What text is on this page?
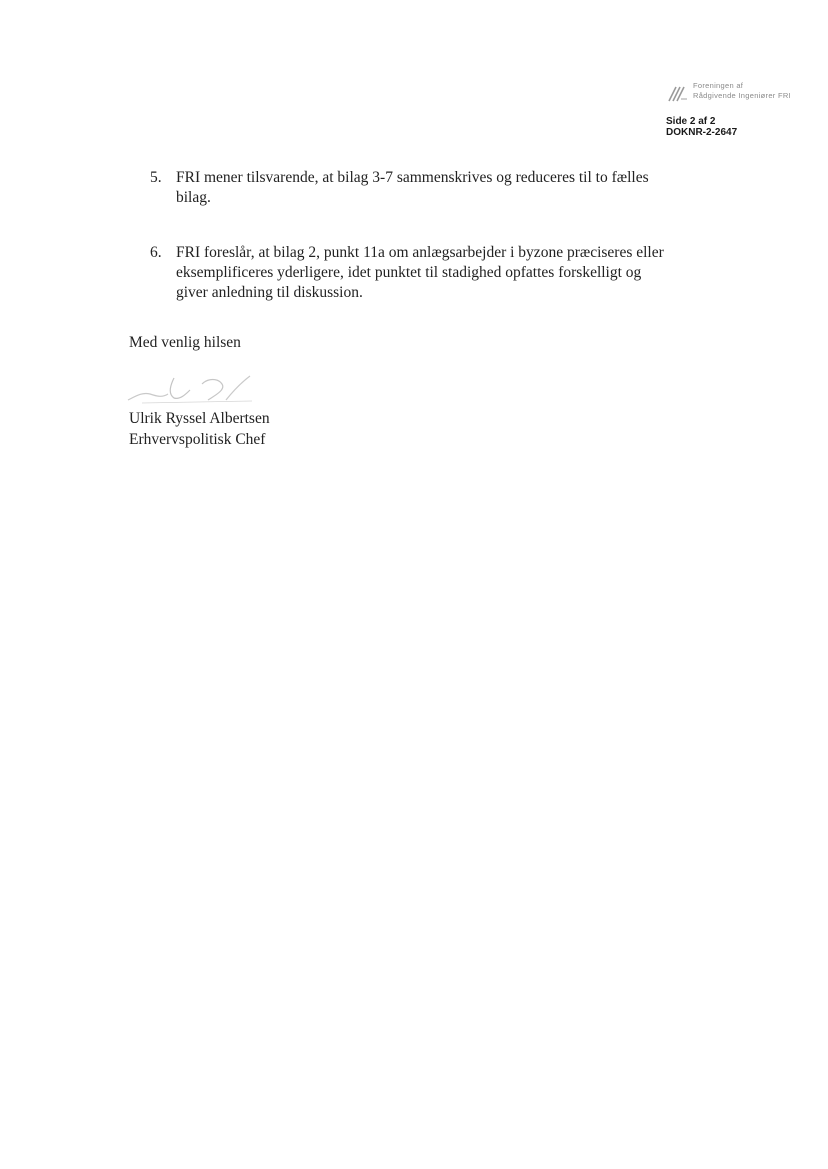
Foreningen af
Rådgivende Ingeniører FRI
Side 2 af 2
DOKNR-2-2647
5. FRI mener tilsvarende, at bilag 3-7 sammenskrives og reduceres til to fælles bilag.
6. FRI foreslår, at bilag 2, punkt 11a om anlægsarbejder i byzone præciseres eller eksemplificeres yderligere, idet punktet til stadighed opfattes forskelligt og giver anledning til diskussion.
Med venlig hilsen
Ulrik Ryssel Albertsen
Erhvervspolitisk Chef
